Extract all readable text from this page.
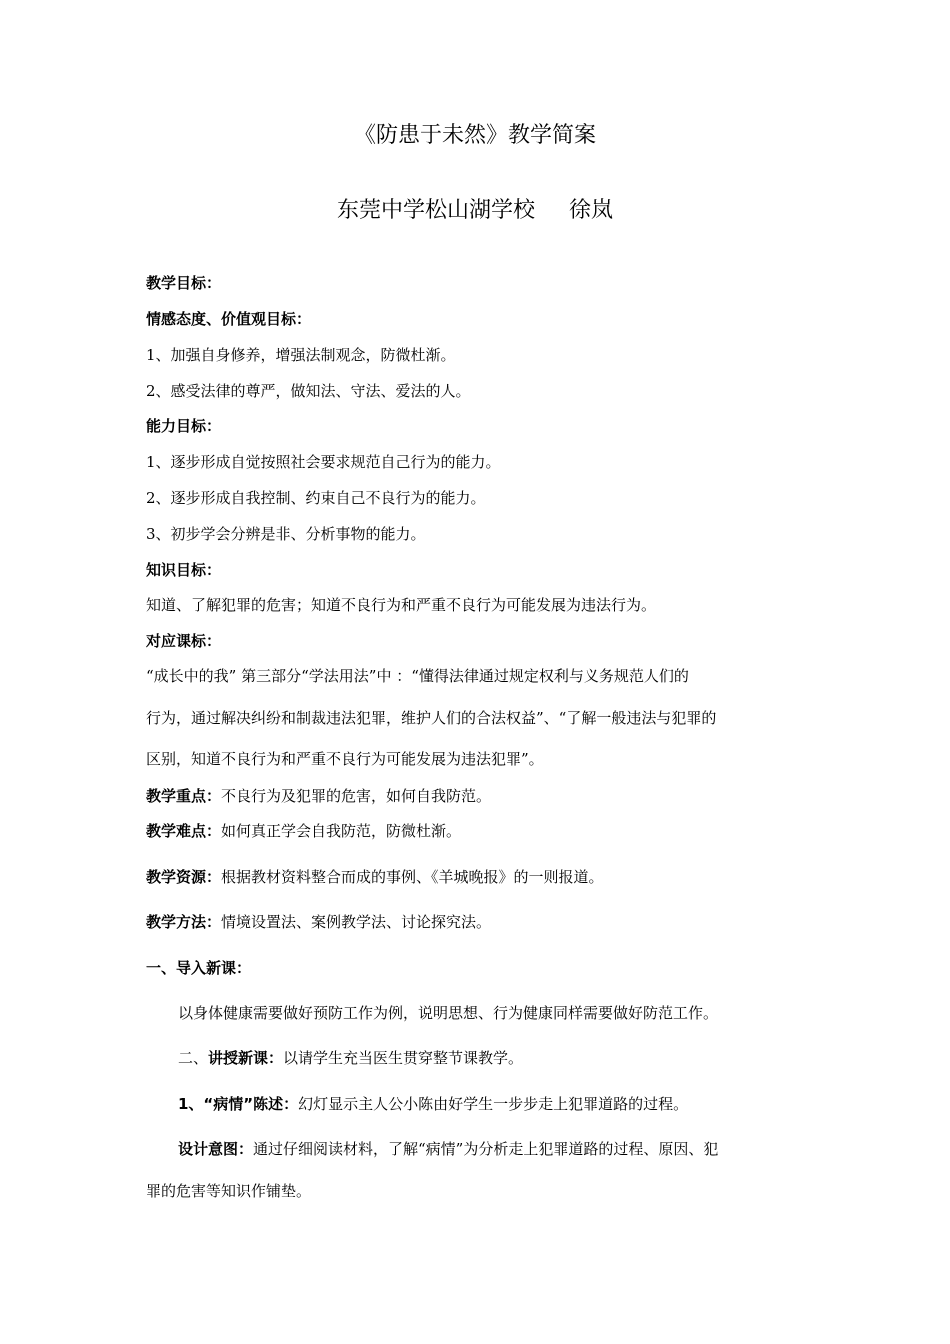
《防患于未然》教学简案
东莞中学松山湖学校 徐岚
教学目标：
情感态度、价值观目标：
1、加强自身修养，增强法制观念，防微杜渐。
2、感受法律的尊严，做知法、守法、爱法的人。
能力目标：
1、逐步形成自觉按照社会要求规范自己行为的能力。
2、逐步形成自我控制、约束自己不良行为的能力。
3、初步学会分辨是非、分析事物的能力。
知识目标：
知道、了解犯罪的危害；知道不良行为和严重不良行为可能发展为违法行为。
对应课标：
“成长中的我” 第三部分“学法用法”中 ：“懂得法律通过规定权利与义务规范人们的
行为，通过解决纠纷和制裁违法犯罪，维护人们的合法权益”、“了解一般违法与犯罪的
区别，知道不良行为和严重不良行为可能发展为违法犯罪”。
教学重点：不良行为及犯罪的危害，如何自我防范。
教学难点：如何真正学会自我防范，防微杜渐。
教学资源：根据教材资料整合而成的事例、《羊城晚报》的一则报道。
教学方法：情境设置法、案例教学法、讨论探究法。
一、导入新课：
以身体健康需要做好预防工作为例，说明思想、行为健康同样需要做好防范工作。
二、讲授新课：以请学生充当医生贯穿整节课教学。
1、“病情”陈述：幻灯显示主人公小陈由好学生一步步走上犯罪道路的过程。
设计意图：通过仔细阅读材料，了解“病情”为分析走上犯罪道路的过程、原因、犯
罪的危害等知识作铺垫。
